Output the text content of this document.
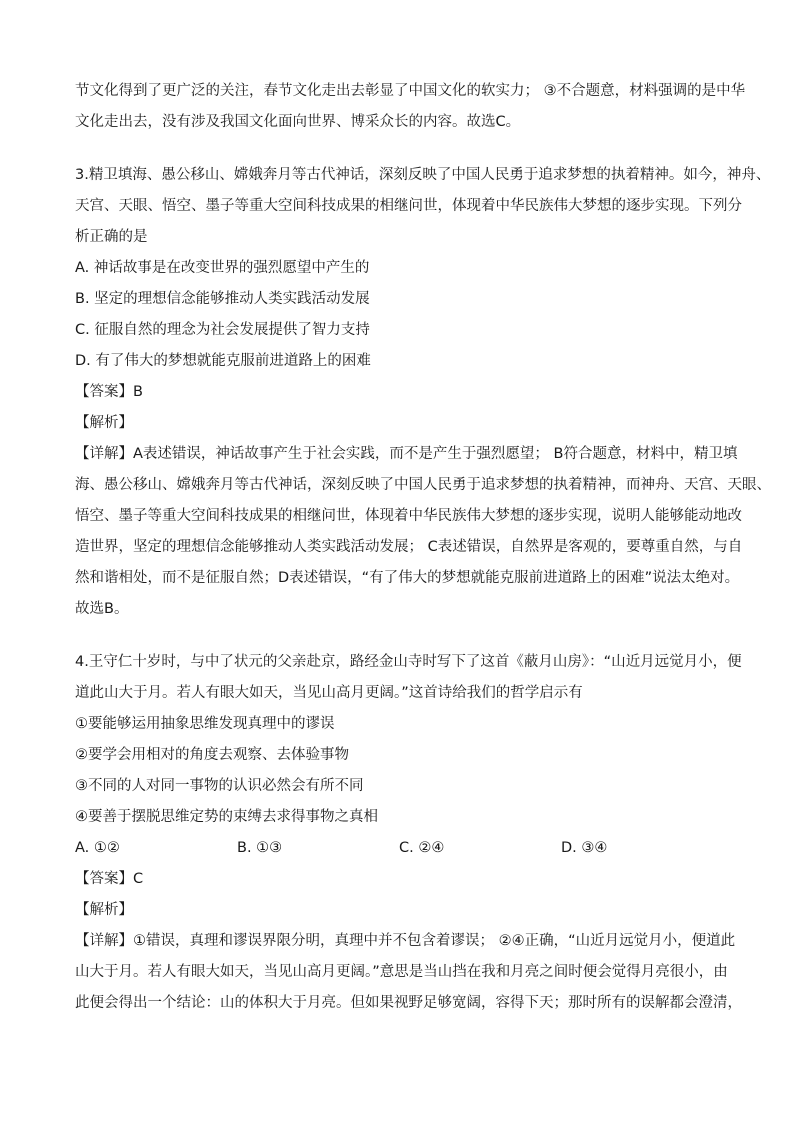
节文化得到了更广泛的关注，春节文化走出去彰显了中国文化的软实力； ③不合题意，材料强调的是中华
文化走出去，没有涉及我国文化面向世界、博采众长的内容。故选C。
3.精卫填海、愚公移山、嫦娥奔月等古代神话，深刻反映了中国人民勇于追求梦想的执着精神。如今，神舟、
天宫、天眼、悟空、墨子等重大空间科技成果的相继问世，体现着中华民族伟大梦想的逐步实现。下列分
析正确的是
A. 神话故事是在改变世界的强烈愿望中产生的
B. 坚定的理想信念能够推动人类实践活动发展
C. 征服自然的理念为社会发展提供了智力支持
D. 有了伟大的梦想就能克服前进道路上的困难
【答案】B
【解析】
【详解】A表述错误，神话故事产生于社会实践，而不是产生于强烈愿望； B符合题意，材料中，精卫填
海、愚公移山、嫦娥奔月等古代神话，深刻反映了中国人民勇于追求梦想的执着精神，而神舟、天宫、天眼、
悟空、墨子等重大空间科技成果的相继问世，体现着中华民族伟大梦想的逐步实现，说明人能够能动地改
造世界，坚定的理想信念能够推动人类实践活动发展； C表述错误，自然界是客观的，要尊重自然，与自
然和谐相处，而不是征服自然；D表述错误，“有了伟大的梦想就能克服前进道路上的困难”说法太绝对。
故选B。
4.王守仁十岁时，与中了状元的父亲赴京，路经金山寺时写下了这首《蔽月山房》：“山近月远觉月小，便
道此山大于月。若人有眼大如天，当见山高月更阔。”这首诗给我们的哲学启示有
①要能够运用抽象思维发现真理中的谬误
②要学会用相对的角度去观察、去体验事物
③不同的人对同一事物的认识必然会有所不同
④要善于摆脱思维定势的束缚去求得事物之真相
A. ①②	B. ①③	C. ②④	D. ③④
【答案】C
【解析】
【详解】①错误，真理和谬误界限分明，真理中并不包含着谬误； ②④正确，“山近月远觉月小，便道此
山大于月。若人有眼大如天，当见山高月更阔。”意思是当山挡在我和月亮之间时便会觉得月亮很小，由
此便会得出一个结论：山的体积大于月亮。但如果视野足够宽阔，容得下天；那时所有的误解都会澄清，
